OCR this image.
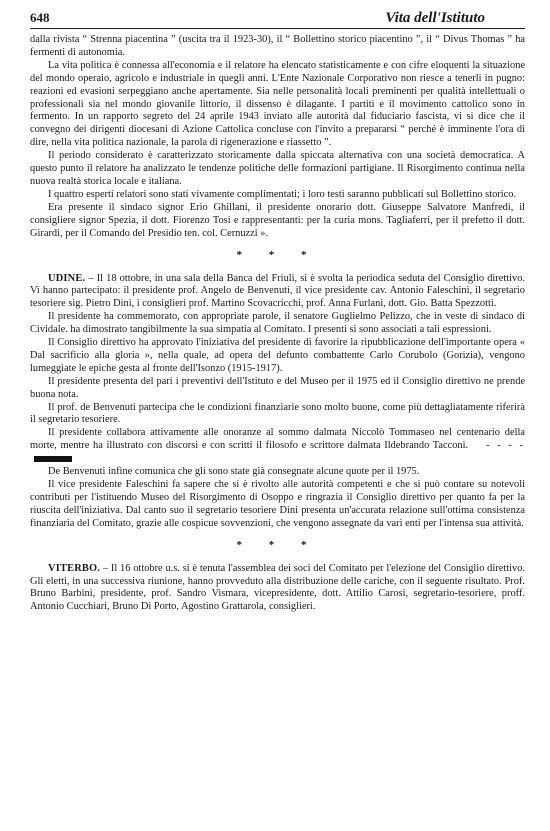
648	Vita dell'Istituto

dalla rivista “ Strenna piacentina ” (uscita tra il 1923-30), il “ Bollettino storico piacentino ”, il “ Divus Thomas ” ha fermenti di autonomia.

La vita politica è connessa all'economia e il relatore ha elencato statisticamente e con cifre eloquenti la situazione del mondo operaio, agricolo e industriale in quegli anni. L'Ente Nazionale Corporativo non riesce a tenerli in pugno: reazioni ed evasioni serpeggiano anche apertamente. Sia nelle personalità locali preminenti per qualità intellettuali o professionali sia nel mondo giovanile littorio, il dissenso è dilagante. I partiti e il movimento cattolico sono in fermento. In un rapporto segreto del 24 aprile 1943 inviato alle autorità dal fiduciario fascista, vi si dice che il convegno dei dirigenti diocesani di Azione Cattolica concluse con l'invito a prepararsi “ perché è imminente l'ora di dire, nella vita politica nazionale, la parola di rigenerazione e riassetto ”.

Il periodo considerato è caratterizzato storicamente dalla spiccata alternativa con una società democratica. A questo punto il relatore ha analizzato le tendenze politiche delle formazioni partigiane. Il Risorgimento continua nella nuova realtà storica locale e italiana.

I quattro esperti relatori sono stati vivamente complimentati; i loro testi saranno pubblicati sul Bollettino storico.

Era presente il sindaco signor Erio Ghillani, il presidente onorario dott. Giuseppe Salvatore Manfredi, il consigliere signor Spezia, il dott. Fiorenzo Tosi e rappresentanti: per la curia mons. Tagliaferri, per il prefetto il dott. Girardi, per il Comando del Presidio ten. col. Cernuzzi ».

* * *

UDINE. – Il 18 ottobre, in una sala della Banca del Friuli, si è svolta la periodica seduta del Consiglio direttivo. Vi hanno partecipato: il presidente prof. Angelo de Benvenuti, il vice presidente cav. Antonio Faleschini, il segretario tesoriere sig. Pietro Dini, i consiglieri prof. Martino Scovacricchi, prof. Anna Furlani, dott. Gio. Batta Spezzotti.

Il presidente ha commemorato, con appropriate parole, il senatore Guglielmo Pelizzo, che in veste di sindaco di Cividale. ha dimostrato tangibilmente la sua simpatia al Comitato. I presenti si sono associati a tali espressioni.

Il Consiglio direttivo ha approvato l'iniziativa del presidente di favorire la ripubblicazione dell'importante opera « Dal sacrificio alla gloria », nella quale, ad opera del defunto combattente Carlo Corubolo (Gorizia), vengono lumeggiate le epiche gesta al fronte dell'Isonzo (1915-1917).

Il presidente presenta del pari i preventivi dell'Istituto e del Museo per il 1975 ed il Consiglio direttivo ne prende buona nota.

Il prof. de Benvenuti partecipa che le condizioni finanziarie sono molto buone, come più dettagliatamente riferirà il segretario tesoriere.

Il presidente collabora attivamente alle onoranze al sommo dalmata Niccolò Tommaseo nel centenario della morte, mentre ha illustrato con discorsi e con scritti il filosofo e scrittore dalmata Ildebrando Tacconi. - - - -

De Benvenuti infine comunica che gli sono state già consegnate alcune quote per il 1975.

Il vice presidente Faleschini fa sapere che si è rivolto alle autorità competenti e che si può contare su notevoli contributi per l'istituendo Museo del Risorgimento di Osoppo e ringrazia il Consiglio direttivo per quanto fa per la riuscita dell'iniziativa. Dal canto suo il segretario tesoriere Dini presenta un'accurata relazione sull'ottima consistenza finanziaria del Comitato, grazie alle cospicue sovvenzioni, che vengono assegnate da vari enti per l'intensa sua attività.

* * *

VITERBO. – Il 16 ottobre u.s. si è tenuta l'assemblea dei soci del Comitato per l'elezione del Consiglio direttivo. Gli eletti, in una successiva riunione, hanno provveduto alla distribuzione delle cariche, con il seguente risultato. Prof. Bruno Barbini, presidente, prof. Sandro Vismara, vicepresidente, dott. Attilio Carosi, segretario-tesoriere, proff. Antonio Cucchiari, Bruno Di Porto, Agostino Grattarola, consiglieri.
